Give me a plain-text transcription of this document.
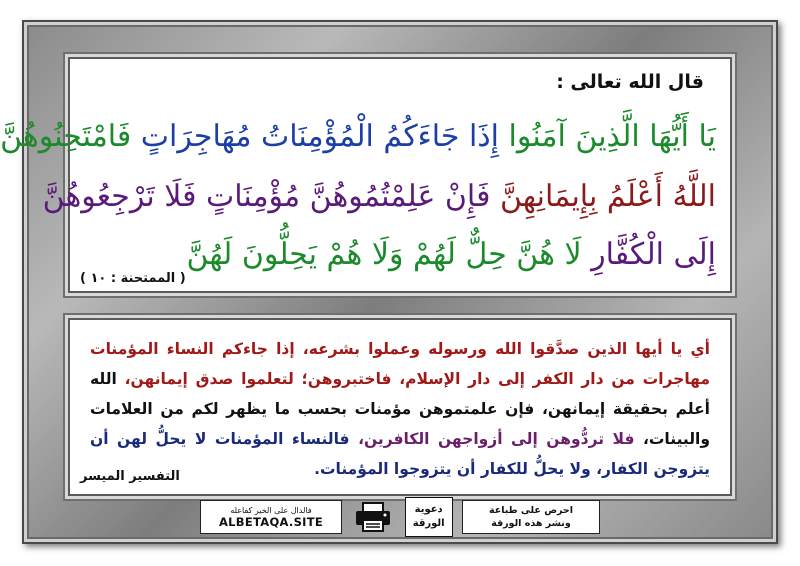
قال الله تعالى :
يَا أَيُّهَا الَّذِينَ آمَنُوا إِذَا جَاءَكُمُ الْمُؤْمِنَاتُ مُهَاجِرَاتٍ فَامْتَحِنُوهُنَّ
اللَّهُ أَعْلَمُ بِإِيمَانِهِنَّ فَإِنْ عَلِمْتُمُوهُنَّ مُؤْمِنَاتٍ فَلَا تَرْجِعُوهُنَّ
إِلَى الْكُفَّارِ لَا هُنَّ حِلٌّ لَهُمْ وَلَا هُمْ يَحِلُّونَ لَهُنَّ
( الممتحنة : ١٠ )
أي يا أيها الذين صدَّقوا الله ورسوله وعملوا بشرعه، إذا جاءكم النساء المؤمنات مهاجرات من دار الكفر إلى دار الإسلام، فاختبروهن؛ لتعلموا صدق إيمانهن، الله أعلم بحقيقة إيمانهن، فإن علمتموهن مؤمنات بحسب ما يظهر لكم من العلامات والبينات، فلا تردُّوهن إلى أزواجهن الكافرين، فالنساء المؤمنات لا يحلُّ لهن أن يتزوجن الكفار، ولا يحلُّ للكفار أن يتزوجوا المؤمنات.
التفسير الميسر
فالدال على الخير كفاعله
ALBETAQA.SITE
دعوية
الورقة
احرص على طباعة
ونشر هذه الورقة
